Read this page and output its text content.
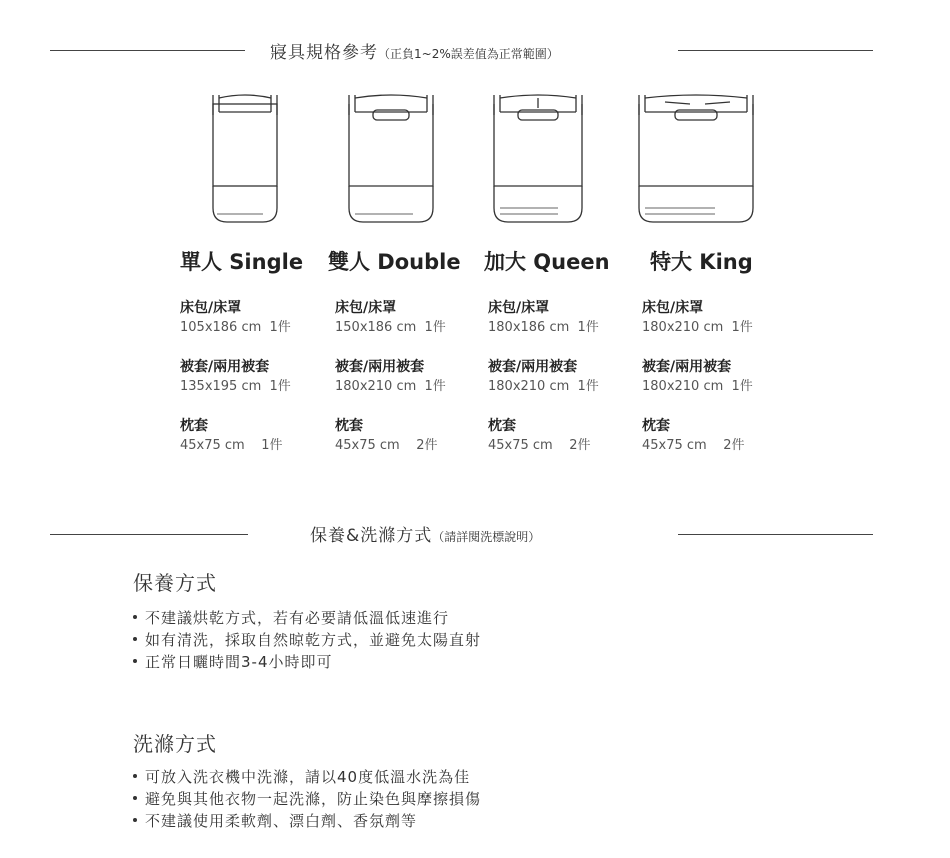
寢具規格參考（正負1~2%誤差值為正常範圍）
單人 Single 雙人 Double 加大 Queen 特大 King
床包/床罩
105x186 cm  1件
被套/兩用被套
135x195 cm  1件
枕套
45x75 cm    1件
床包/床罩
150x186 cm  1件
被套/兩用被套
180x210 cm  1件
枕套
45x75 cm    2件
床包/床罩
180x186 cm  1件
被套/兩用被套
180x210 cm  1件
枕套
45x75 cm    2件
床包/床罩
180x210 cm  1件
被套/兩用被套
180x210 cm  1件
枕套
45x75 cm    2件
保養&洗滌方式（請詳閱洗標說明）
保養方式
不建議烘乾方式，若有必要請低溫低速進行
如有清洗，採取自然晾乾方式，並避免太陽直射
正常日曬時間3-4小時即可
洗滌方式
可放入洗衣機中洗滌，請以40度低溫水洗為佳
避免與其他衣物一起洗滌，防止染色與摩擦損傷
不建議使用柔軟劑、漂白劑、香氛劑等
